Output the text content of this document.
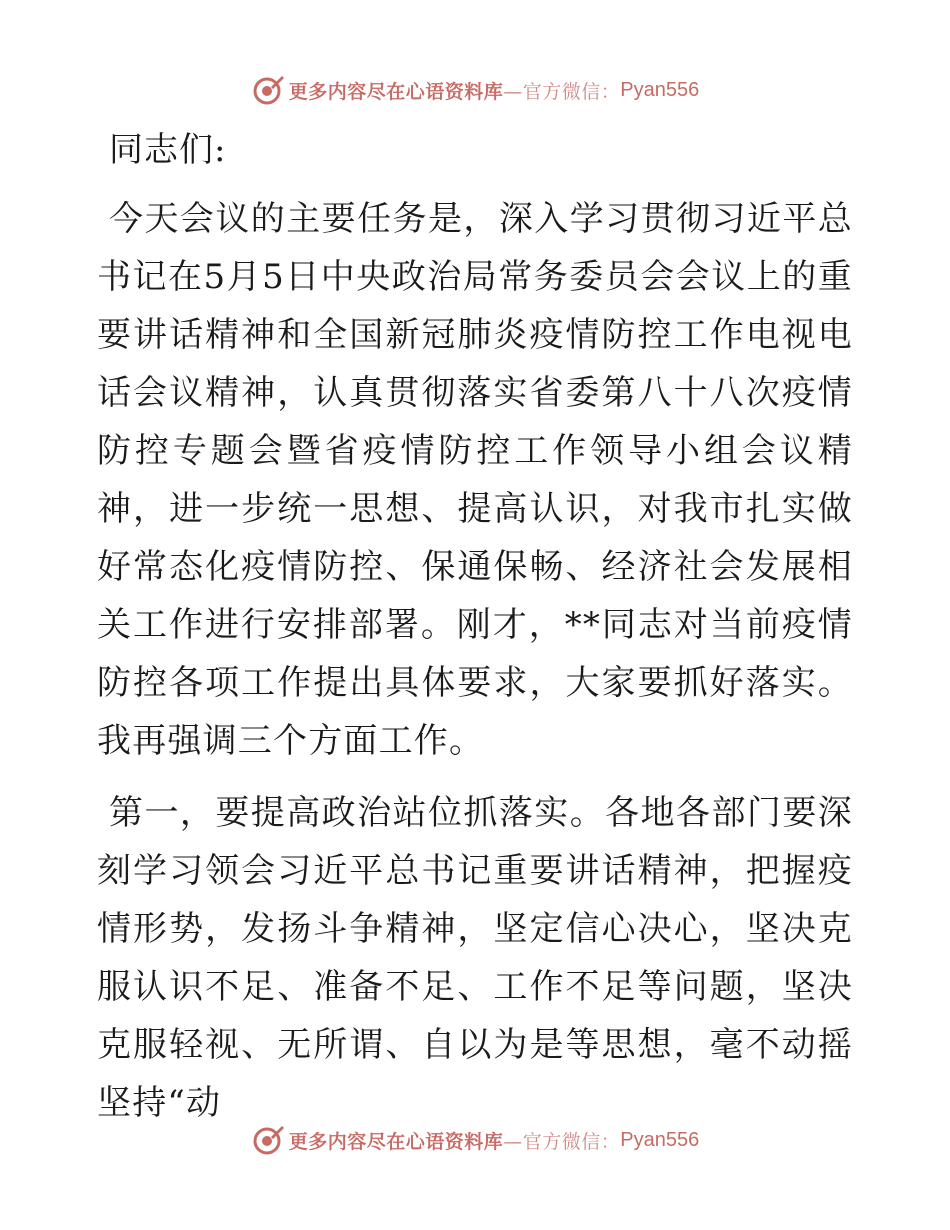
更多内容尽在心语资料库 —官方微信： Pyan556

同志们:

今天会议的主要任务是，深入学习贯彻习近平总书记在5月5日中央政治局常务委员会会议上的重要讲话精神和全国新冠肺炎疫情防控工作电视电话会议精神，认真贯彻落实省委第八十八次疫情防控专题会暨省疫情防控工作领导小组会议精神，进一步统一思想、提高认识，对我市扎实做好常态化疫情防控、保通保畅、经济社会发展相关工作进行安排部署。刚才，**同志对当前疫情防控各项工作提出具体要求，大家要抓好落实。我再强调三个方面工作。

第一，要提高政治站位抓落实。各地各部门要深刻学习领会习近平总书记重要讲话精神，把握疫情形势，发扬斗争精神，坚定信心决心，坚决克服认识不足、准备不足、工作不足等问题，坚决克服轻视、无所谓、自以为是等思想，毫不动摇坚持“动

更多内容尽在心语资料库 —官方微信： Pyan556
